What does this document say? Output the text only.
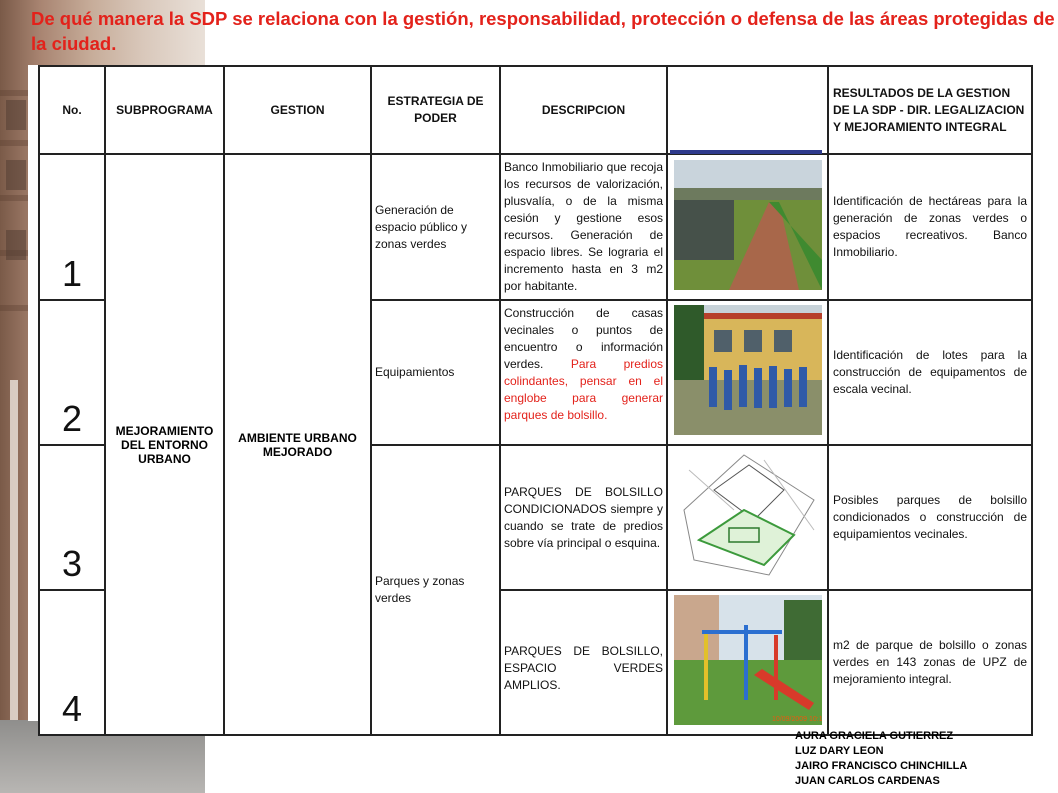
De qué manera la SDP se relaciona con la gestión, responsabilidad, protección o defensa de las áreas protegidas de la ciudad.

No.	SUBPROGRAMA	GESTION	ESTRATEGIA DE PODER	DESCRIPCION		RESULTADOS DE LA GESTION DE LA SDP - DIR. LEGALIZACION Y MEJORAMIENTO INTEGRAL

1	MEJORAMIENTO DEL ENTORNO URBANO	AMBIENTE URBANO MEJORADO	Generación de espacio público y zonas verdes	Banco Inmobiliario que recoja los recursos de valorización, plusvalía, o de la misma cesión y gestione esos recursos. Generación de espacio libres. Se lograria el incremento hasta en 3 m2 por habitante.		Identificación de hectáreas para la generación de zonas verdes o espacios recreativos. Banco Inmobiliario.

2			Equipamientos	Construcción de casas vecinales o puntos de encuentro o información verdes. Para predios colindantes, pensar en el englobe para generar parques de bolsillo.		Identificación de lotes para la construcción de equipamentos de escala vecinal.

3			Parques y zonas verdes	PARQUES DE BOLSILLO CONDICIONADOS siempre y cuando se trate de predios sobre vía principal o esquina.		Posibles parques de bolsillo condicionados o construcción de equipamientos vecinales.

4				PARQUES DE BOLSILLO, ESPACIO VERDES AMPLIOS.	10/09/2009 10:19	m2 de parque de bolsillo o zonas verdes en 143 zonas de UPZ de mejoramiento integral.
AURA GRACIELA GUTIERREZ
LUZ DARY LEON
JAIRO FRANCISCO CHINCHILLA
JUAN CARLOS CARDENAS
